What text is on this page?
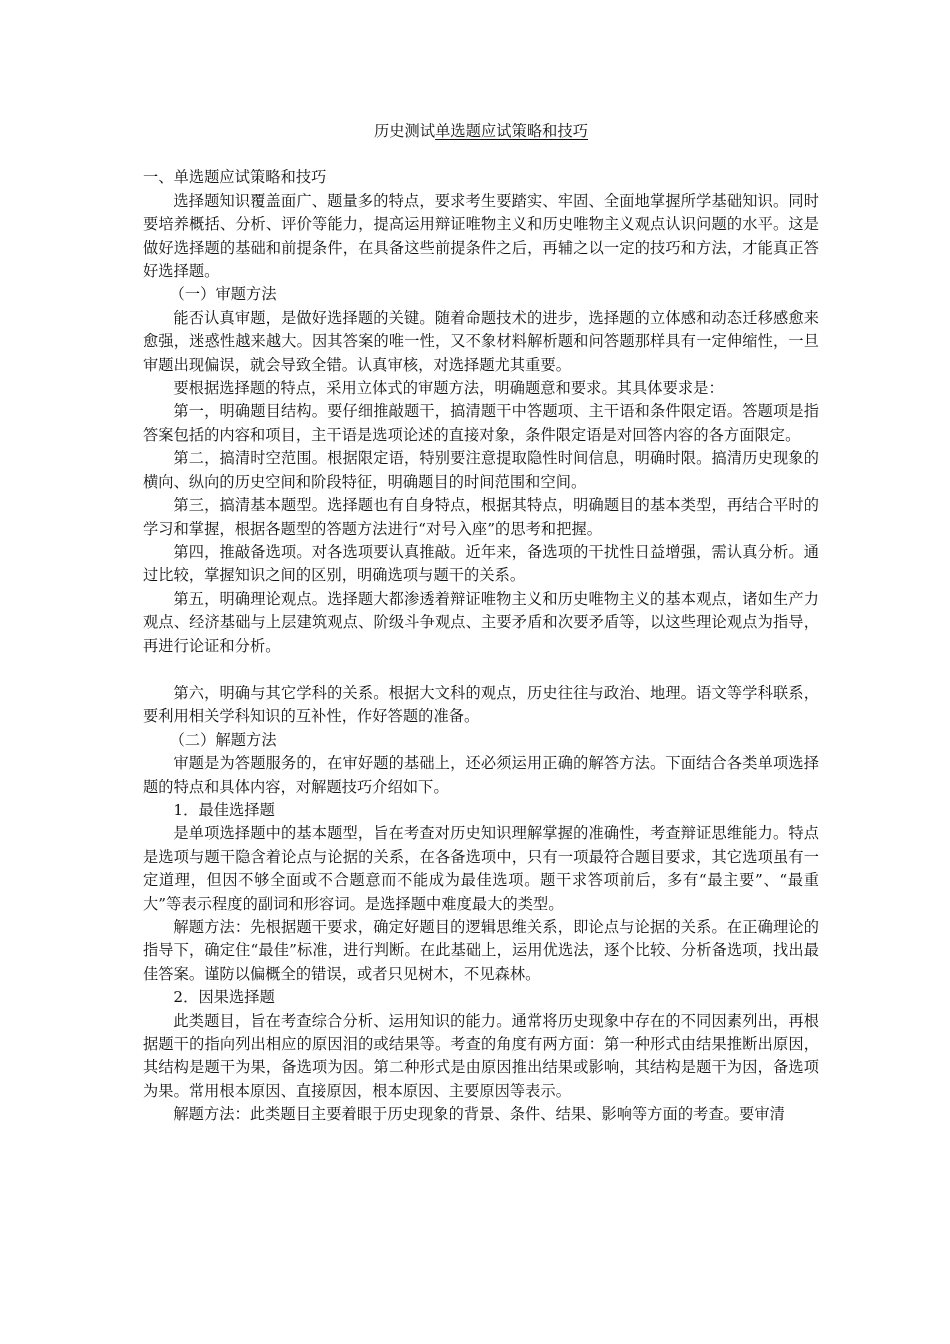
历史测试单选题应试策略和技巧

一、单选题应试策略和技巧

选择题知识覆盖面广、题量多的特点，要求考生要踏实、牢固、全面地掌握所学基础知识。同时要培养概括、分析、评价等能力，提高运用辩证唯物主义和历史唯物主义观点认识问题的水平。这是做好选择题的基础和前提条件，在具备这些前提条件之后，再辅之以一定的技巧和方法，才能真正答好选择题。

（一）审题方法

能否认真审题，是做好选择题的关键。随着命题技术的进步，选择题的立体感和动态迁移感愈来愈强，迷惑性越来越大。因其答案的唯一性，又不象材料解析题和问答题那样具有一定伸缩性，一旦审题出现偏误，就会导致全错。认真审核，对选择题尤其重要。

要根据选择题的特点，采用立体式的审题方法，明确题意和要求。其具体要求是：

第一，明确题目结构。要仔细推敲题干，搞清题干中答题项、主干语和条件限定语。答题项是指答案包括的内容和项目，主干语是选项论述的直接对象，条件限定语是对回答内容的各方面限定。

第二，搞清时空范围。根据限定语，特别要注意提取隐性时间信息，明确时限。搞清历史现象的横向、纵向的历史空间和阶段特征，明确题目的时间范围和空间。

第三，搞清基本题型。选择题也有自身特点，根据其特点，明确题目的基本类型，再结合平时的学习和掌握，根据各题型的答题方法进行“对号入座”的思考和把握。

第四，推敲备选项。对各选项要认真推敲。近年来，备选项的干扰性日益增强，需认真分析。通过比较，掌握知识之间的区别，明确选项与题干的关系。

第五，明确理论观点。选择题大都渗透着辩证唯物主义和历史唯物主义的基本观点，诸如生产力观点、经济基础与上层建筑观点、阶级斗争观点、主要矛盾和次要矛盾等，以这些理论观点为指导，再进行论证和分析。

第六，明确与其它学科的关系。根据大文科的观点，历史往往与政治、地理。语文等学科联系，要利用相关学科知识的互补性，作好答题的准备。

（二）解题方法

审题是为答题服务的，在审好题的基础上，还必须运用正确的解答方法。下面结合各类单项选择题的特点和具体内容，对解题技巧介绍如下。

1．最佳选择题

是单项选择题中的基本题型，旨在考查对历史知识理解掌握的准确性，考查辩证思维能力。特点是选项与题干隐含着论点与论据的关系，在各备选项中，只有一项最符合题目要求，其它选项虽有一定道理，但因不够全面或不合题意而不能成为最佳选项。题干求答项前后，多有“最主要”、“最重大”等表示程度的副词和形容词。是选择题中难度最大的类型。

解题方法：先根据题干要求，确定好题目的逻辑思维关系，即论点与论据的关系。在正确理论的指导下，确定住“最佳”标准，进行判断。在此基础上，运用优选法，逐个比较、分析备选项，找出最佳答案。谨防以偏概全的错误，或者只见树木，不见森林。

2．因果选择题

此类题目，旨在考查综合分析、运用知识的能力。通常将历史现象中存在的不同因素列出，再根据题干的指向列出相应的原因泪的或结果等。考查的角度有两方面：第一种形式由结果推断出原因，其结构是题干为果，备选项为因。第二种形式是由原因推出结果或影响，其结构是题干为因，备选项为果。常用根本原因、直接原因，根本原因、主要原因等表示。

解题方法：此类题目主要着眼于历史现象的背景、条件、结果、影响等方面的考查。要审清
